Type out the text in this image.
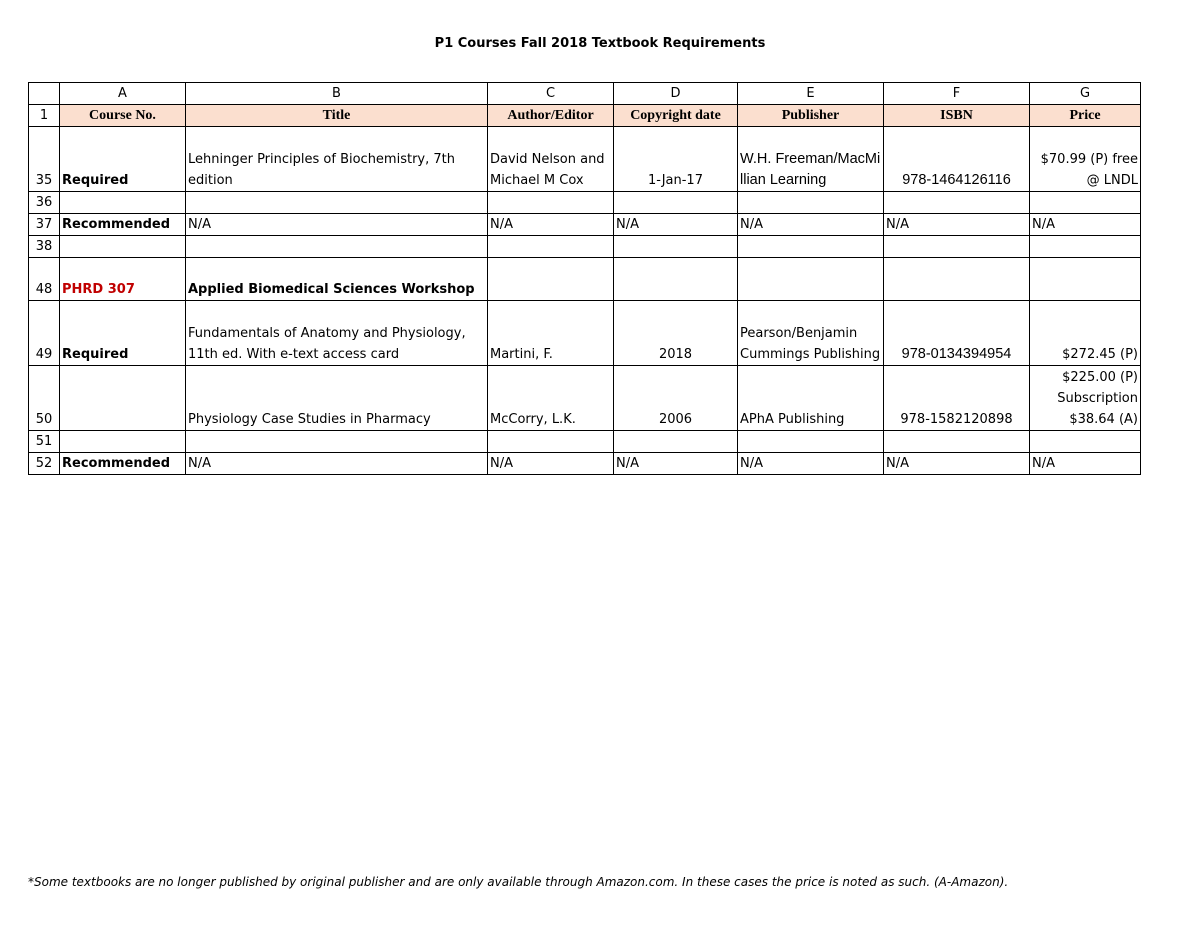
P1 Courses Fall 2018 Textbook Requirements
	A	B	C	D	E	F	G
1	Course No.	Title	Author/Editor	Copyright date	Publisher	ISBN	Price
35	Required	Lehninger Principles of Biochemistry, 7th edition	David Nelson and Michael M Cox	1-Jan-17	W.H. Freeman/MacMillian Learning	978-1464126116	$70.99 (P) free @ LNDL
36							
37	Recommended	N/A	N/A	N/A	N/A	N/A	N/A
38							
48	PHRD 307	Applied Biomedical Sciences Workshop					
49	Required	Fundamentals of Anatomy and Physiology, 11th ed. With e-text access card	Martini, F.	2018	Pearson/Benjamin Cummings Publishing	978-0134394954	$272.45 (P)
50		Physiology Case Studies in Pharmacy	McCorry, L.K.	2006	APhA Publishing	978-1582120898	$225.00 (P) Subscription $38.64 (A)
51							
52	Recommended	N/A	N/A	N/A	N/A	N/A	N/A
*Some textbooks are no longer published by original publisher and are only available through Amazon.com. In these cases the price is noted as such. (A-Amazon).
